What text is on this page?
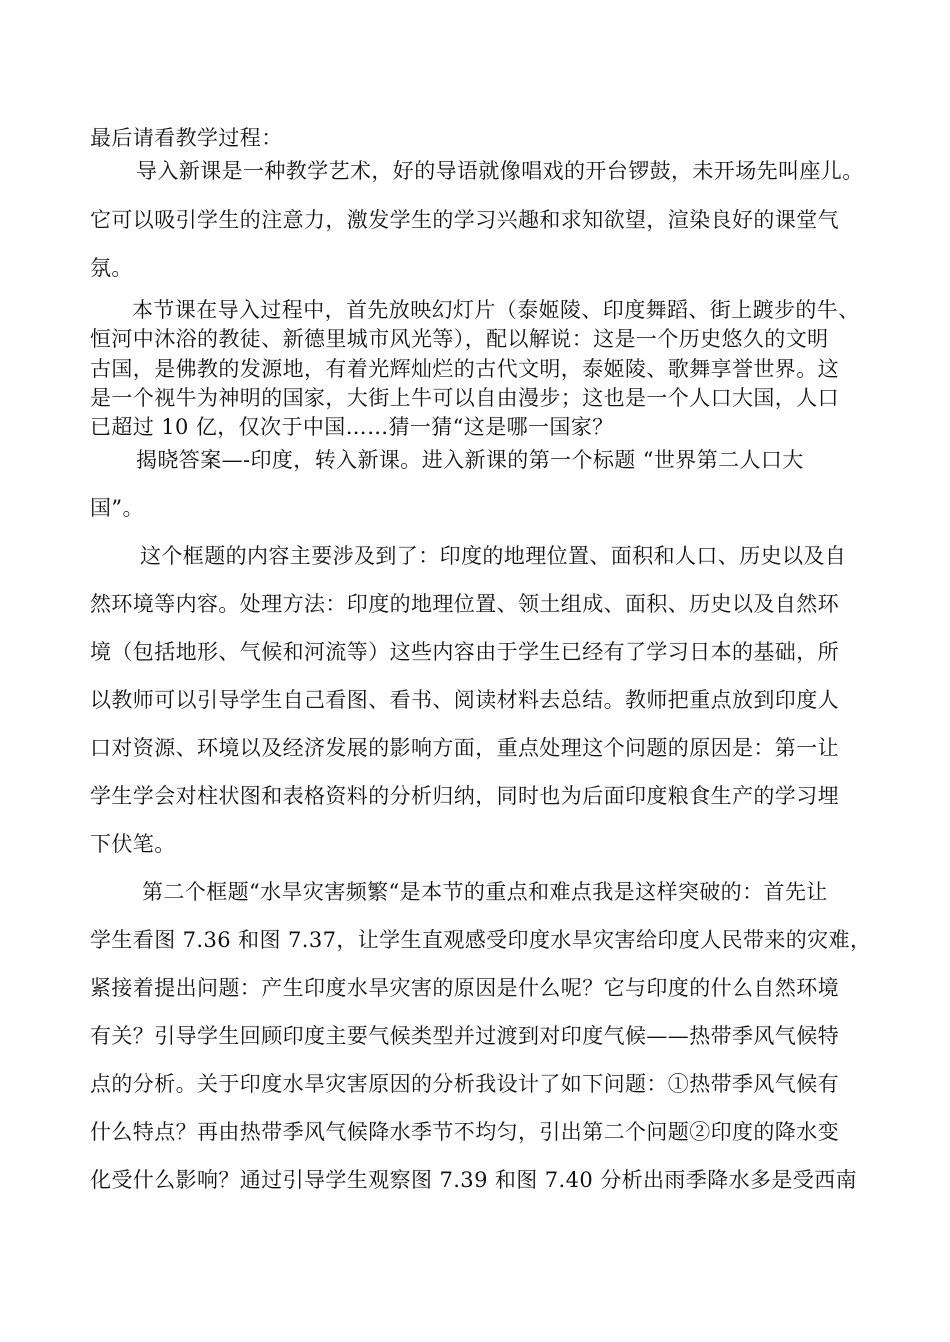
最后请看教学过程：
导入新课是一种教学艺术，好的导语就像唱戏的开台锣鼓，未开场先叫座儿。
它可以吸引学生的注意力，激发学生的学习兴趣和求知欲望，渲染良好的课堂气
氛。
本节课在导入过程中，首先放映幻灯片（泰姬陵、印度舞蹈、街上踱步的牛、
恒河中沐浴的教徒、新德里城市风光等），配以解说：这是一个历史悠久的文明
古国，是佛教的发源地，有着光辉灿烂的古代文明，泰姬陵、歌舞享誉世界。这
是一个视牛为神明的国家，大街上牛可以自由漫步；这也是一个人口大国，人口
已超过 10 亿，仅次于中国……猜一猜“这是哪一国家？
揭晓答案—-印度，转入新课。进入新课的第一个标题 “世界第二人口大
国”。
这个框题的内容主要涉及到了：印度的地理位置、面积和人口、历史以及自
然环境等内容。处理方法：印度的地理位置、领土组成、面积、历史以及自然环
境（包括地形、气候和河流等）这些内容由于学生已经有了学习日本的基础，所
以教师可以引导学生自己看图、看书、阅读材料去总结。教师把重点放到印度人
口对资源、环境以及经济发展的影响方面，重点处理这个问题的原因是：第一让
学生学会对柱状图和表格资料的分析归纳，同时也为后面印度粮食生产的学习埋
下伏笔。
第二个框题“水旱灾害频繁“是本节的重点和难点我是这样突破的：首先让
学生看图 7.36 和图 7.37，让学生直观感受印度水旱灾害给印度人民带来的灾难，
紧接着提出问题：产生印度水旱灾害的原因是什么呢？它与印度的什么自然环境
有关？引导学生回顾印度主要气候类型并过渡到对印度气候——热带季风气候特
点的分析。关于印度水旱灾害原因的分析我设计了如下问题：①热带季风气候有
什么特点？再由热带季风气候降水季节不均匀，引出第二个问题②印度的降水变
化受什么影响？通过引导学生观察图 7.39 和图 7.40 分析出雨季降水多是受西南
